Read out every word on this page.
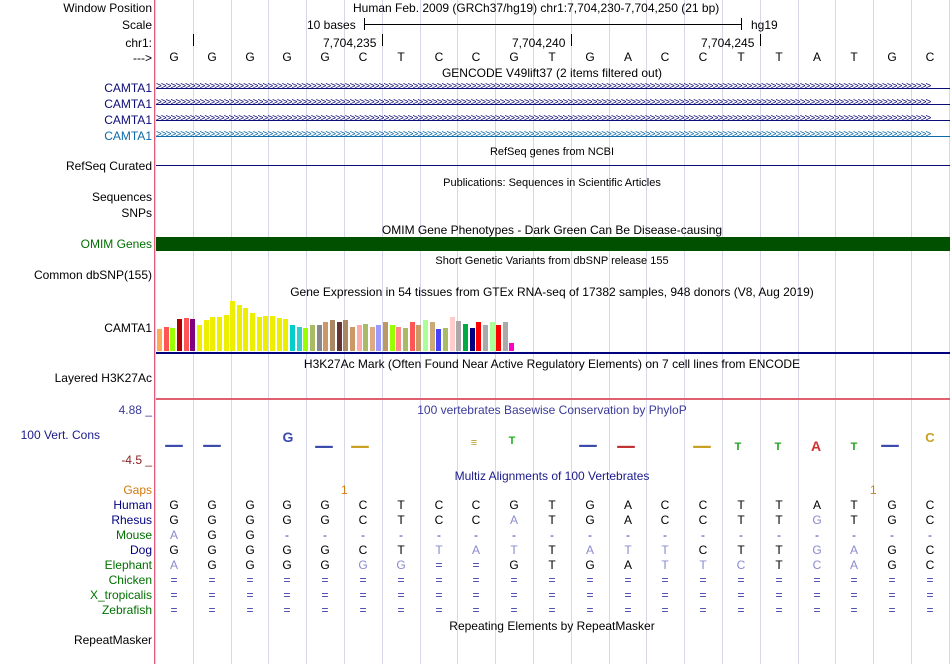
Window Position	Human Feb. 2009 (GRCh37/hg19) chr1:7,704,230-7,704,250 (21 bp)
Scale	10 bases	hg19
chr1:	7,704,235	7,704,240	7,704,245
--->	G	G	G	G	G	C	T	C	C	G	T	G	A	C	C	T	T	A	T	G	C
GENCODE V49lift37 (2 items filtered out)
CAMTA1 >>>>>>>>>>>>>>>>>>>>>>>>>>>>>>>>>>>>>>>>>>>>>>>>>>>>>>>>>>>>>>>>>>>>>>>>>>>>>>>>>>>>>>>>>>>>>>>>>>>>>>>>>>>>>>>>>>>>>>>>>>>>>>>>>>>>>>>>>>>>>>>>>>>>>>>>>>>>>>>>
CAMTA1 >>>>>>>>>>>>>>>>>>>>>>>>>>>>>>>>>>>>>>>>>>>>>>>>>>>>>>>>>>>>>>>>>>>>>>>>>>>>>>>>>>>>>>>>>>>>>>>>>>>>>>>>>>>>>>>>>>>>>>>>>>>>>>>>>>>>>>>>>>>>>>>>>>>>>>>>>>>>>>>>
CAMTA1 >>>>>>>>>>>>>>>>>>>>>>>>>>>>>>>>>>>>>>>>>>>>>>>>>>>>>>>>>>>>>>>>>>>>>>>>>>>>>>>>>>>>>>>>>>>>>>>>>>>>>>>>>>>>>>>>>>>>>>>>>>>>>>>>>>>>>>>>>>>>>>>>>>>>>>>>>>>>>>>>
CAMTA1 >>>>>>>>>>>>>>>>>>>>>>>>>>>>>>>>>>>>>>>>>>>>>>>>>>>>>>>>>>>>>>>>>>>>>>>>>>>>>>>>>>>>>>>>>>>>>>>>>>>>>>>>>>>>>>>>>>>>>>>>>>>>>>>>>>>>>>>>>>>>>>>>>>>>>>>>>>>>>>>>
RefSeq Curated
RefSeq genes from NCBI
Publications: Sequences in Scientific Articles
Sequences
SNPs
OMIM Gene Phenotypes - Dark Green Can Be Disease-causing
OMIM Genes
Short Genetic Variants from dbSNP release 155
Common dbSNP(155)
Gene Expression in 54 tissues from GTEx RNA-seq of 17382 samples, 948 donors (V8, Aug 2019)
CAMTA1
H3K27Ac Mark (Often Found Near Active Regulatory Elements) on 7 cell lines from ENCODE
Layered H3K27Ac
4.88 _	100 vertebrates Basewise Conservation by PhyloP
100 Vert. Cons
-4.5 _
▁▁ ▁▁	G ▁▁ ▁▁	≡	T	▁▁ ▁▁	▁▁ T	T A	T ▁▁ C
Multiz Alignments of 100 Vertebrates
Gaps	1	1
Human	G	G	G	G	G	C	T	C	C	G	T	G	A	C	C	T	T	A	T	G	C
Rhesus	G	G	G	G	G	C	T	C	C	A	T	G	A	C	C	T	T	G	T	G	C
Mouse	A	G	G	-	-	-	-	-	-	-	-	-	-	-	-	-	-	-	-	-	-
Dog	G	G	G	G	G	C	T	T	A	T	T	A	T	T	C	T	T	G	A	G	C
Elephant	A	G	G	G	G	G	G	=	=	G	T	G	A	T	T	C	T	C	A	G	C
Chicken	=	=	=	=	=	=	=	=	=	=	=	=	=	=	=	=	=	=	=	=	=
X_tropicalis	=	=	=	=	=	=	=	=	=	=	=	=	=	=	=	=	=	=	=	=	=
Zebrafish	=	=	=	=	=	=	=	=	=	=	=	=	=	=	=	=	=	=	=	=	=
Repeating Elements by RepeatMasker
RepeatMasker
